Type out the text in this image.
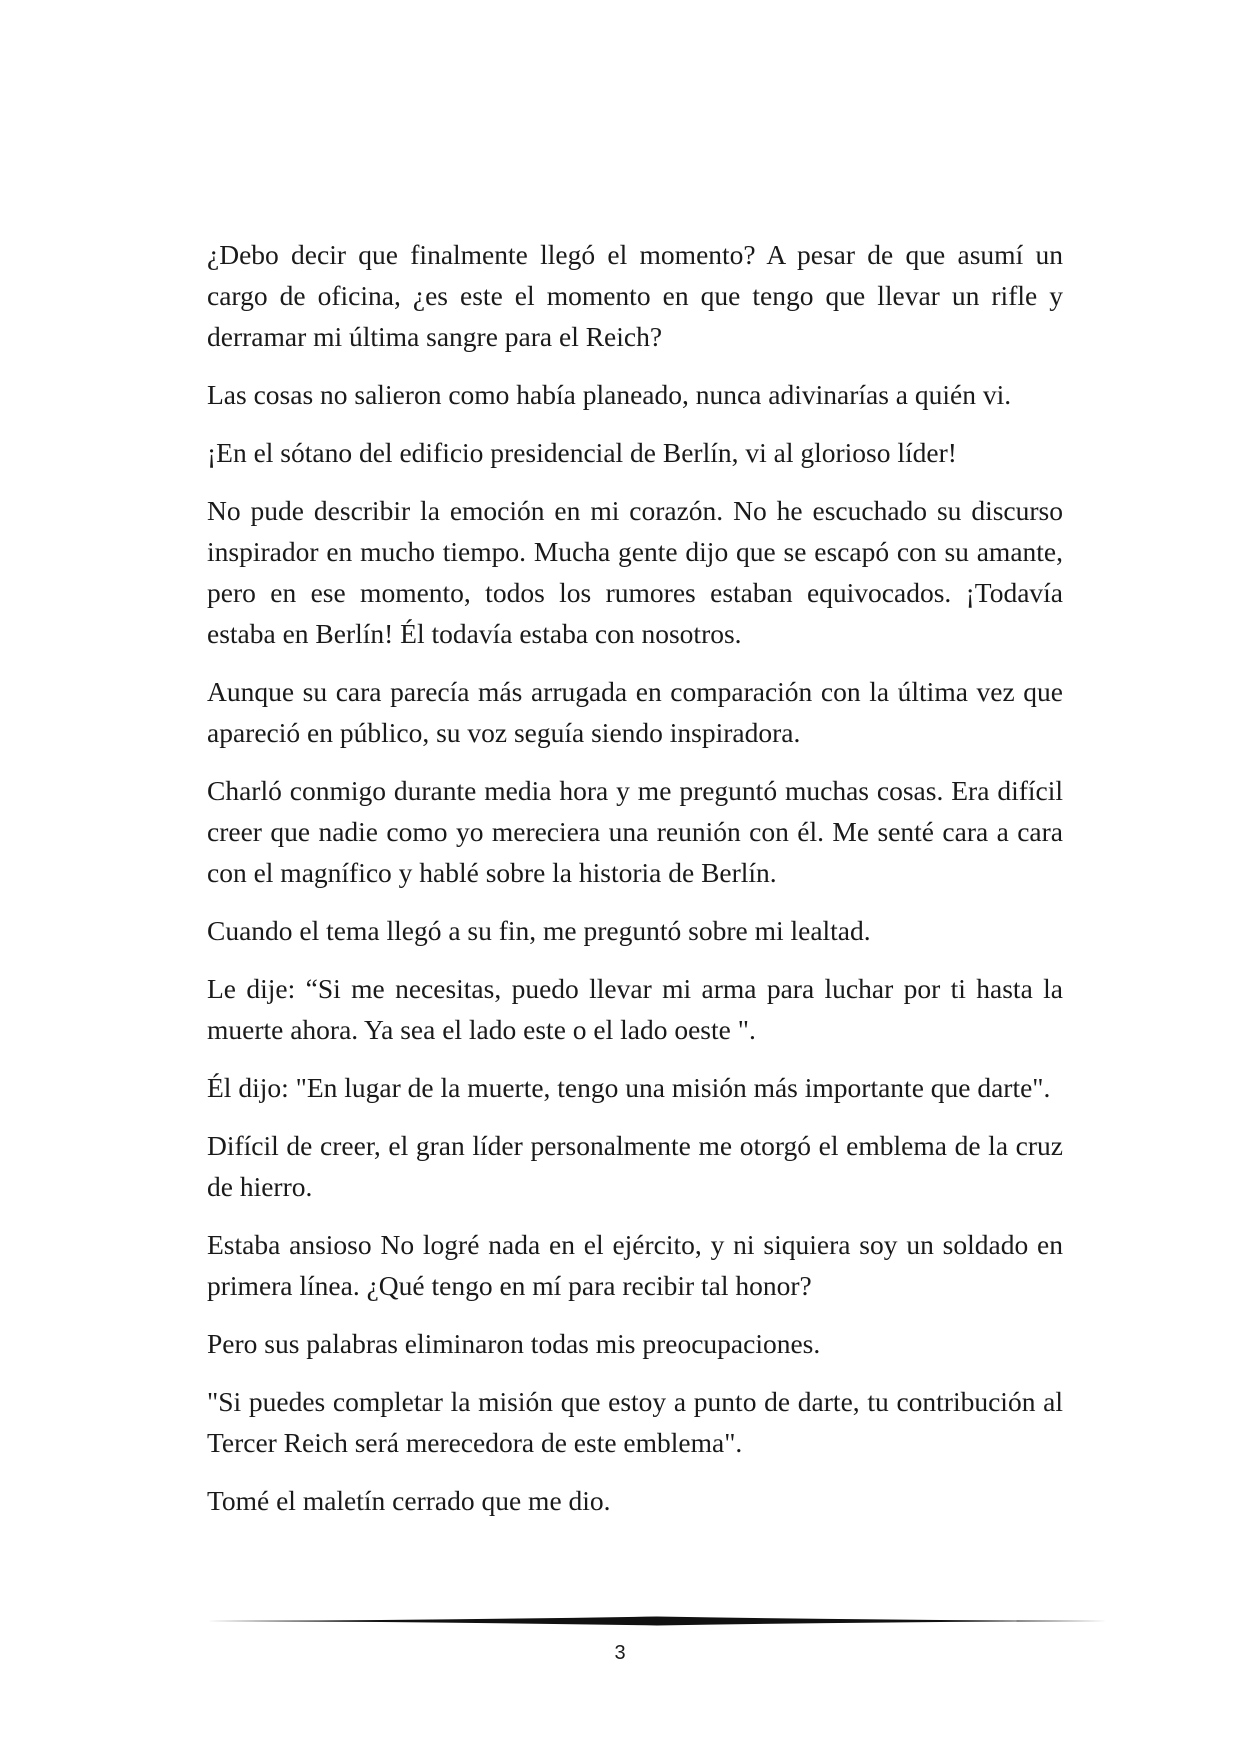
¿Debo decir que finalmente llegó el momento? A pesar de que asumí un cargo de oficina, ¿es este el momento en que tengo que llevar un rifle y derramar mi última sangre para el Reich?

Las cosas no salieron como había planeado, nunca adivinarías a quién vi.

¡En el sótano del edificio presidencial de Berlín, vi al glorioso líder!

No pude describir la emoción en mi corazón. No he escuchado su discurso inspirador en mucho tiempo. Mucha gente dijo que se escapó con su amante, pero en ese momento, todos los rumores estaban equivocados. ¡Todavía estaba en Berlín! Él todavía estaba con nosotros.

Aunque su cara parecía más arrugada en comparación con la última vez que apareció en público, su voz seguía siendo inspiradora.

Charló conmigo durante media hora y me preguntó muchas cosas. Era difícil creer que nadie como yo mereciera una reunión con él. Me senté cara a cara con el magnífico y hablé sobre la historia de Berlín.

Cuando el tema llegó a su fin, me preguntó sobre mi lealtad.

Le dije: “Si me necesitas, puedo llevar mi arma para luchar por ti hasta la muerte ahora. Ya sea el lado este o el lado oeste ".

Él dijo: "En lugar de la muerte, tengo una misión más importante que darte".

Difícil de creer, el gran líder personalmente me otorgó el emblema de la cruz de hierro.

Estaba ansioso No logré nada en el ejército, y ni siquiera soy un soldado en primera línea. ¿Qué tengo en mí para recibir tal honor?

Pero sus palabras eliminaron todas mis preocupaciones.

"Si puedes completar la misión que estoy a punto de darte, tu contribución al Tercer Reich será merecedora de este emblema".

Tomé el maletín cerrado que me dio.

3
